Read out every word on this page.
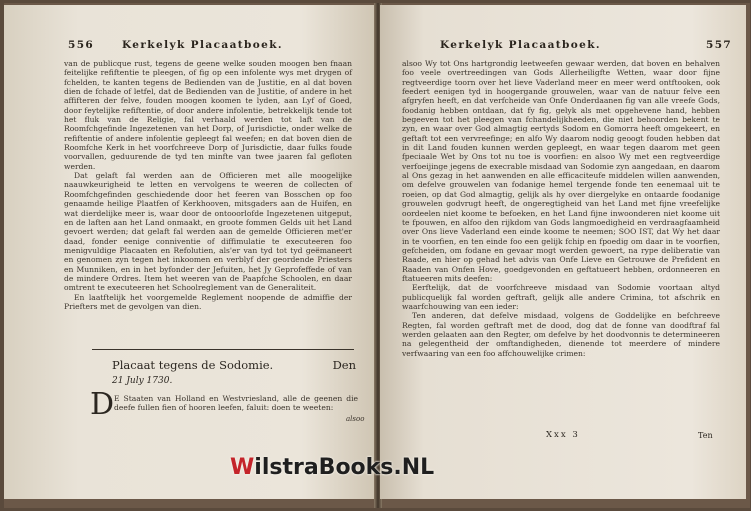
556	Kerkelyk Placaatboek.

van de publicque rust, tegens de geene welke souden moogen ben fnaan feitelijke refiftentie te pleegen, of fig op een infolente wys met drygen of fchelden, te kanten tegens de Bedienden van de Justitie, en al dat boven dien de fchade of letfel, dat de Bedienden van de Justitie, of andere in het affifteren der felve, fouden moogen koomen te lyden, aan Lyf of Goed, door feytelijke refiftentie, of door andere infolentie, betrekkelijk tende tot het fluk van de Religie, fal verhaald werden tot laft van de Roomfchgefinde Ingezetenen van het Dorp, of Jurisdictie, onder welke de refiftentie of andere infolentie gepleegt fal weefen; en dat boven dien de Roomfche Kerk in het voorfchreeve Dorp of Jurisdictie, daar fulks foude voorvallen, geduurende de tyd ten minfte van twee jaaren fal gefloten werden.

Dat gelaft fal werden aan de Officieren met alle moogelijke naauwkeurigheid te letten en vervolgens te weeren de collecten of Roomfchgefinden geschiedende door het feeren van Bosschen op foo genaamde heilige Plaatfen of Kerkhooven, mitsgaders aan de Huifen, en wat dierdelijke meer is, waar door de ontooorlofde Ingezetenen uitgeput, en de laften aan het Land onmaakt, en groote fommen Gelds uit het Land gevoert werden; dat gelaft fal werden aan de gemelde Officieren met'er daad, fonder eenige conniventie of diffimulatie te executeeren foo menigvuldige Placaaten en Refolutien, als'er van tyd tot tyd geëmaneert en genomen zyn tegen het inkoomen en verblyf der geordende Priesters en Munniken, en in het byfonder der Jefuiten, het Jy Geprofeffede of van de mindere Ordres. Item het weeren van de Paapfche Schoolen, en daar omtrent te executeeren het Schoolreglement van de Generaliteit.

En laatftelijk het voorgemelde Reglement noopende de admiffie der Priefters met de gevolgen van dien.

Placaat tegens de Sodomie.	Den
21 July 1730.
D E Staaten van Holland en Westvriesland, alle de geenen die deefe fullen fien of hooren leefen, faluit: doen te weeten:
alsoo
Kerkelyk Placaatboek.	557

alsoo Wy tot Ons hartgrondig leetweefen gewaar werden, dat boven en behalven foo veele overtreedingen van Gods Allerheiligfte Wetten, waar door fijne regtveerdige toorn over het lieve Vaderland meer en meer werd ontftooken, ook feedert eenigen tyd in hoogergande grouwelen, waar van de natuur felve een afgryfen heeft, en dat verfcheide van Onfe Onderdaanen fig van alle vreefe Gods, foodanig hebben ontdaan, dat fy fig, gelyk als met opgehevene hand, hebben begeeven tot het pleegen van fchandelijkheeden, die niet behoorden bekent te zyn, en waar over God almagtig eertyds Sodom en Gomorra heeft omgekeert, en geftaft tot een vervreefinge; en alfo Wy daarom nodig geoogt fouden hebben dat in dit Land fouden kunnen werden gepleegt, en waar tegen daarom met geen fpeciaale Wet by Ons tot nu toe is voorfien: en alsoo Wy met een regtveerdige verfoeijinge jegens de execrable misdaad van Sodomie zyn aangedaan, en daarom al Ons gezag in het aanwenden en alle efficaciteufe middelen willen aanwenden, om defelve grouwelen van fodanige hemel tergende fonde ten eenemaal uit te roeien, op dat God almagtig, gelijk als hy over diergelyke en ontaarde foodanige grouwelen godvrugt heeft, de ongeregtigheid van het Land met fijne vreefelijke oordeelen niet koome te befoeken, en het Land fijne inwoonderen niet koome uit te fpouwen, en alfoo den rijkdom van Gods langmoedigheid en verdraagfaamheid over Ons lieve Vaderland een einde koome te neemen; SOO IST, dat Wy het daar in te voorfien, en ten einde foo een gelijk fchip en fpoedig om daar in te voorfien, gefcheiden, om fodane en gevaar mogt werden gewoert, na rype deliberatie van Raade, en hier op gehad het advis van Onfe Lieve en Getrouwe de Prefident en Raaden van Onfen Hove, goedgevonden en geftatueert hebben, ordonneeren en ftatueeren mits deefen:

Eerftelijk, dat de voorfchreeve misdaad van Sodomie voortaan altyd publicquelijk fal worden geftraft, gelijk alle andere Crimina, tot afschrik en waarfchouwing van een ieder:

Ten anderen, dat defelve misdaad, volgens de Goddelijke en befchreeve Regten, fal worden geftraft met de dood, dog dat de fonne van doodftraf fal werden gelaaten aan den Regter, om defelve by het doodvonnis te determineeren na gelegentheid der omftandigheden, dienende tot meerdere of mindere verfwaaring van een foo affchouwelijke crimen:

Xxx 3	Ten
WilstraBooks.NL
